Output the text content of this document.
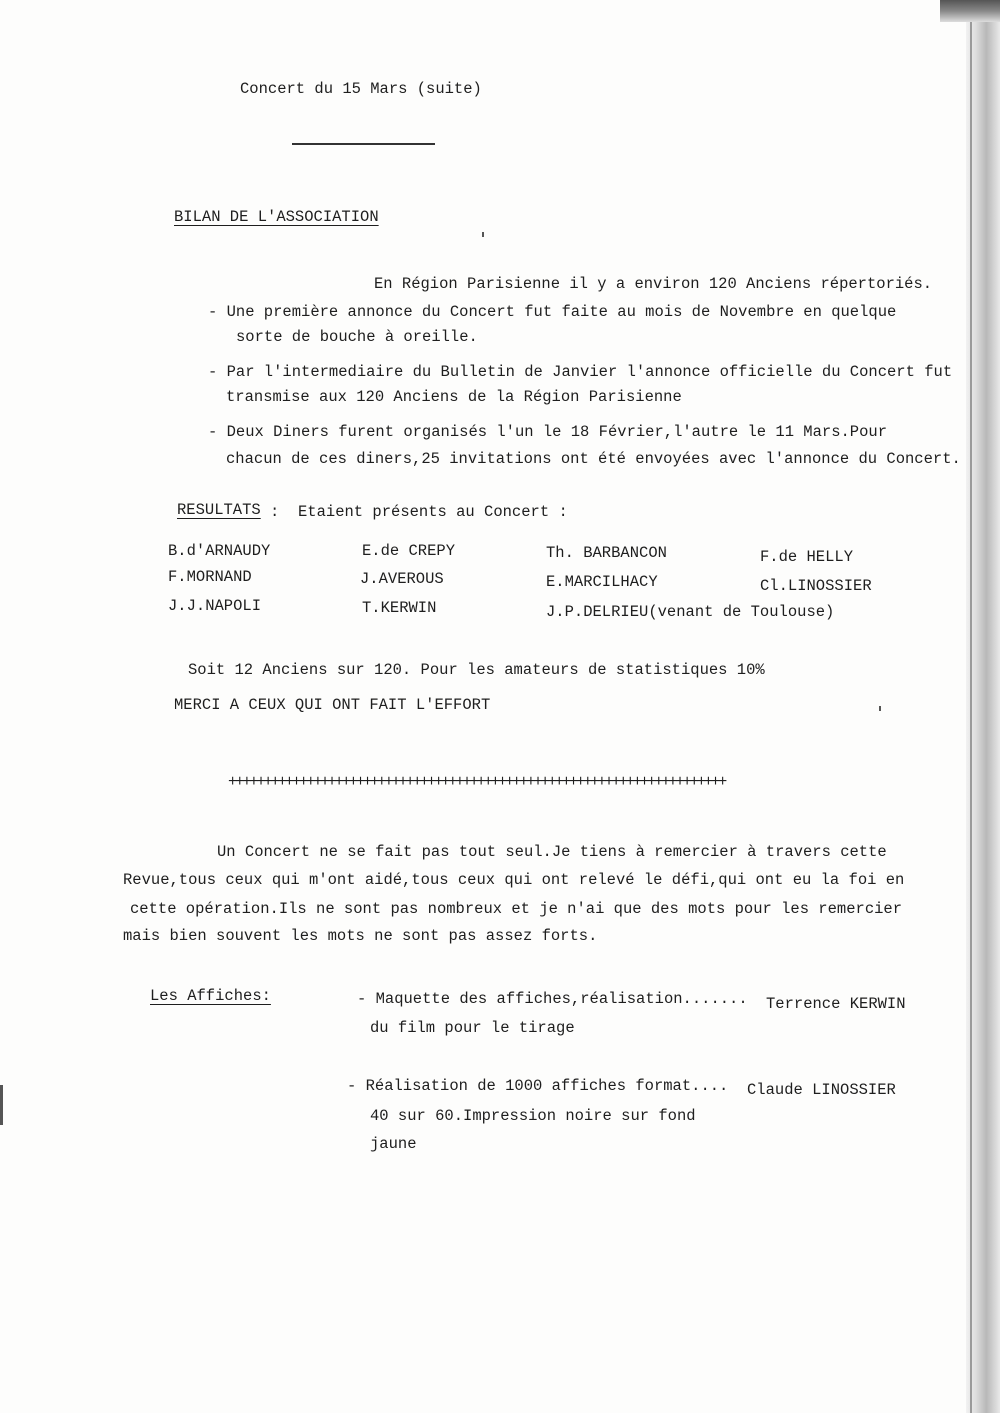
Concert du 15 Mars (suite)
BILAN DE L'ASSOCIATION
En Région Parisienne il y a environ 120 Anciens répertoriés.
- Une première annonce du Concert fut faite au mois de Novembre en quelque
sorte de bouche à oreille.
- Par l'intermediaire du Bulletin de Janvier l'annonce officielle du Concert fut
transmise aux 120 Anciens de la Région Parisienne
- Deux Diners furent organisés l'un le 18 Février,l'autre le 11 Mars.Pour
chacun de ces diners,25 invitations ont été envoyées avec l'annonce du Concert.
RESULTATS : Etaient présents au Concert :
B.d'ARNAUDY	E.de CREPY	Th. BARBANCON	F.de HELLY
F.MORNAND	J.AVEROUS	E.MARCILHACY	Cl.LINOSSIER
J.J.NAPOLI	T.KERWIN	J.P.DELRIEU(venant de Toulouse)
Soit 12 Anciens sur 120. Pour les amateurs de statistiques 10%
MERCI A CEUX QUI ONT FAIT L'EFFORT
++++++++++++++++++++++++++++++++++++++++++++++++++++++++++++++++++++++
Un Concert ne se fait pas tout seul.Je tiens à remercier à travers cette
Revue,tous ceux qui m'ont aidé,tous ceux qui ont relevé le défi,qui ont eu la foi en
cette opération.Ils ne sont pas nombreux et je n'ai que des mots pour les remercier
mais bien souvent les mots ne sont pas assez forts.
Les Affiches:	- Maquette des affiches,réalisation....... Terrence KERWIN
du film pour le tirage
- Réalisation de 1000 affiches format.... Claude LINOSSIER
40 sur 60.Impression noire sur fond
jaune
